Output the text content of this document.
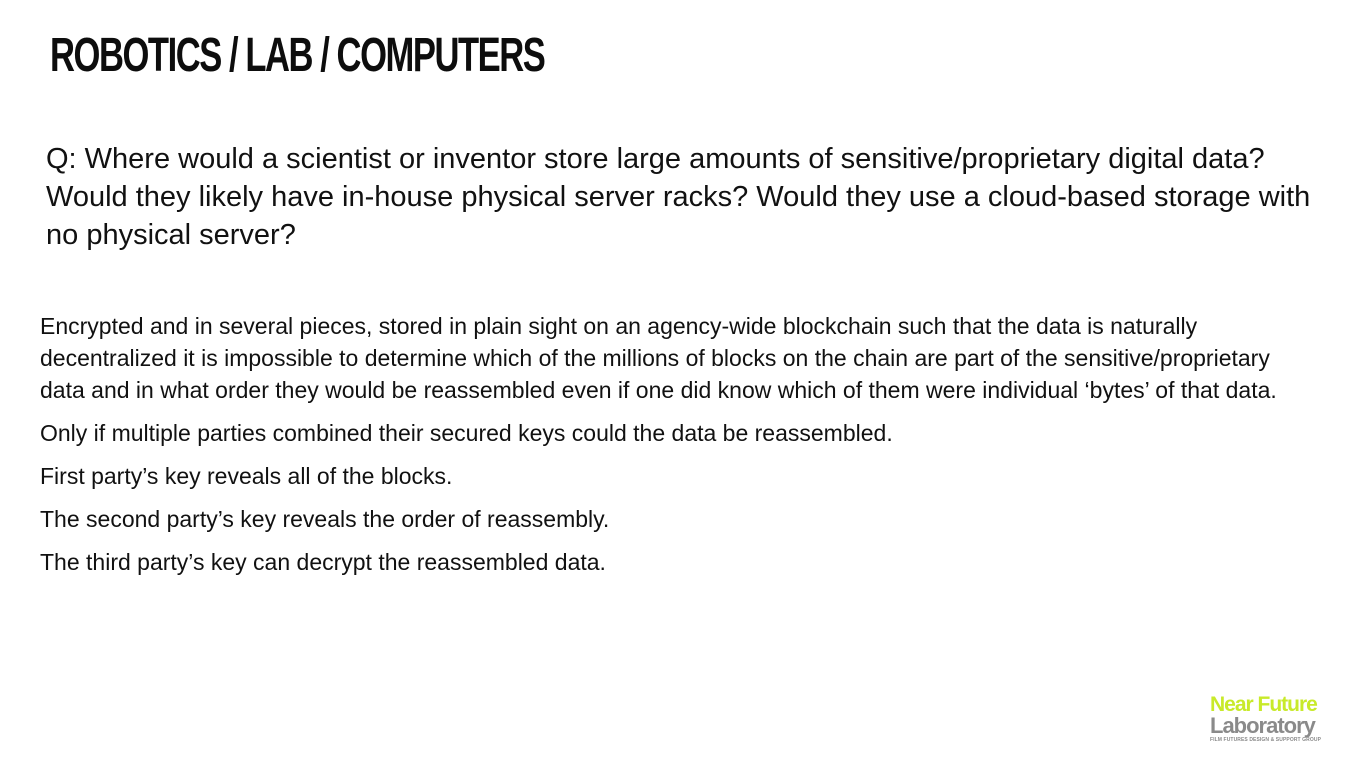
ROBOTICS / LAB / COMPUTERS

Q: Where would a scientist or inventor store large amounts of sensitive/proprietary digital data? Would they likely have in-house physical server racks? Would they use a cloud-based storage with no physical server?

Encrypted and in several pieces, stored in plain sight on an agency-wide blockchain such that the data is naturally decentralized it is impossible to determine which of the millions of blocks on the chain are part of the sensitive/proprietary data and in what order they would be reassembled even if one did know which of them were individual ‘bytes’ of that data.

Only if multiple parties combined their secured keys could the data be reassembled.

First party’s key reveals all of the blocks.

The second party’s key reveals the order of reassembly.

The third party’s key can decrypt the reassembled data.

Near Future
Laboratory
FILM FUTURES DESIGN & SUPPORT GROUP
